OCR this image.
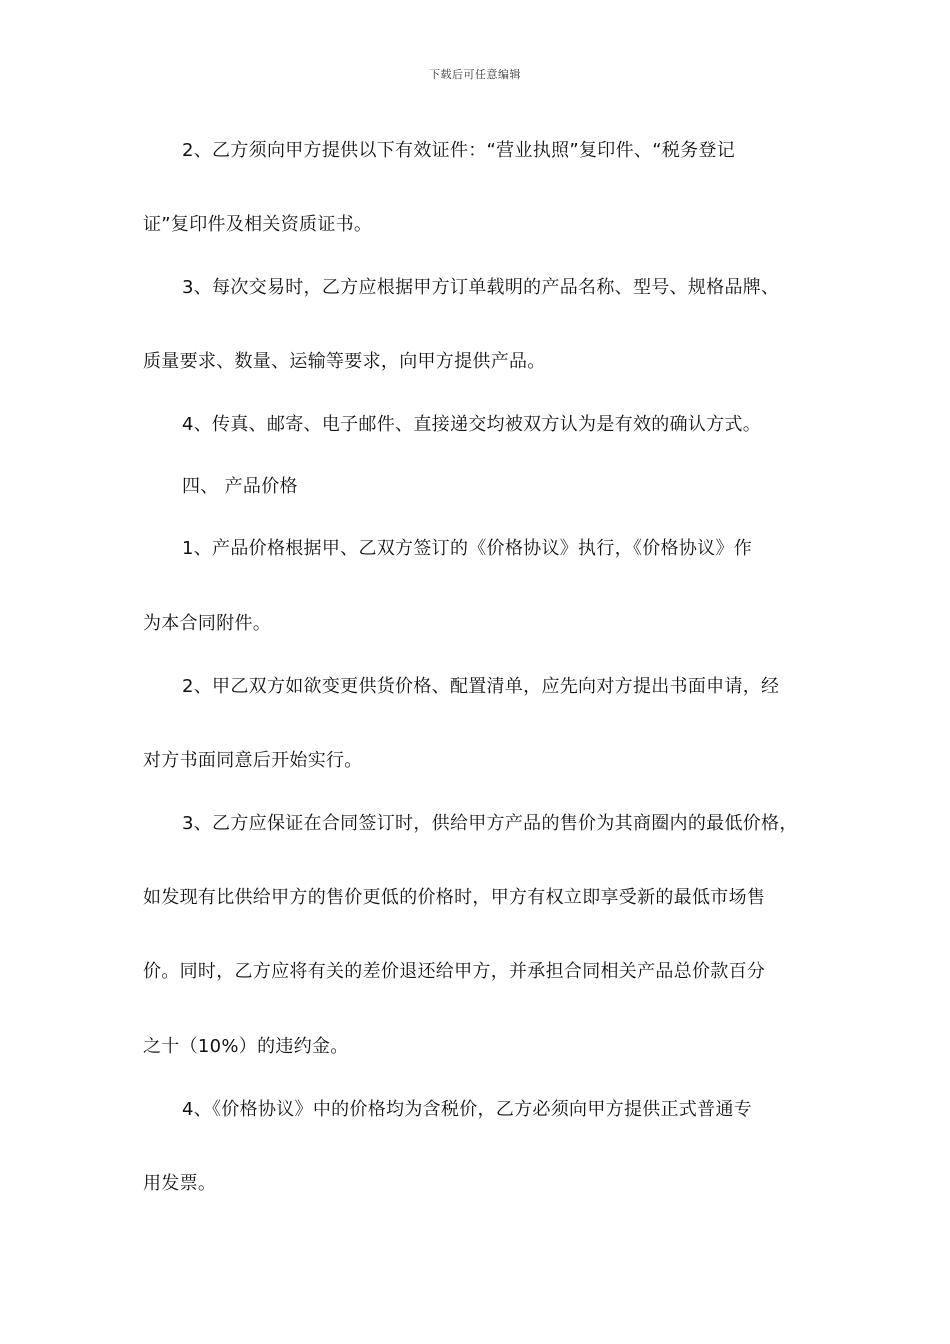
下载后可任意编辑
2、乙方须向甲方提供以下有效证件：“营业执照”复印件、“税务登记
证”复印件及相关资质证书。
3、每次交易时，乙方应根据甲方订单载明的产品名称、型号、规格品牌、
质量要求、数量、运输等要求，向甲方提供产品。
4、传真、邮寄、电子邮件、直接递交均被双方认为是有效的确认方式。
四、 产品价格
1、产品价格根据甲、乙双方签订的《价格协议》执行，《价格协议》作
为本合同附件。
2、甲乙双方如欲变更供货价格、配置清单，应先向对方提出书面申请，经
对方书面同意后开始实行。
3、乙方应保证在合同签订时，供给甲方产品的售价为其商圈内的最低价格，
如发现有比供给甲方的售价更低的价格时，甲方有权立即享受新的最低市场售
价。同时，乙方应将有关的差价退还给甲方，并承担合同相关产品总价款百分
之十（10%）的违约金。
4、《价格协议》中的价格均为含税价，乙方必须向甲方提供正式普通专
用发票。
